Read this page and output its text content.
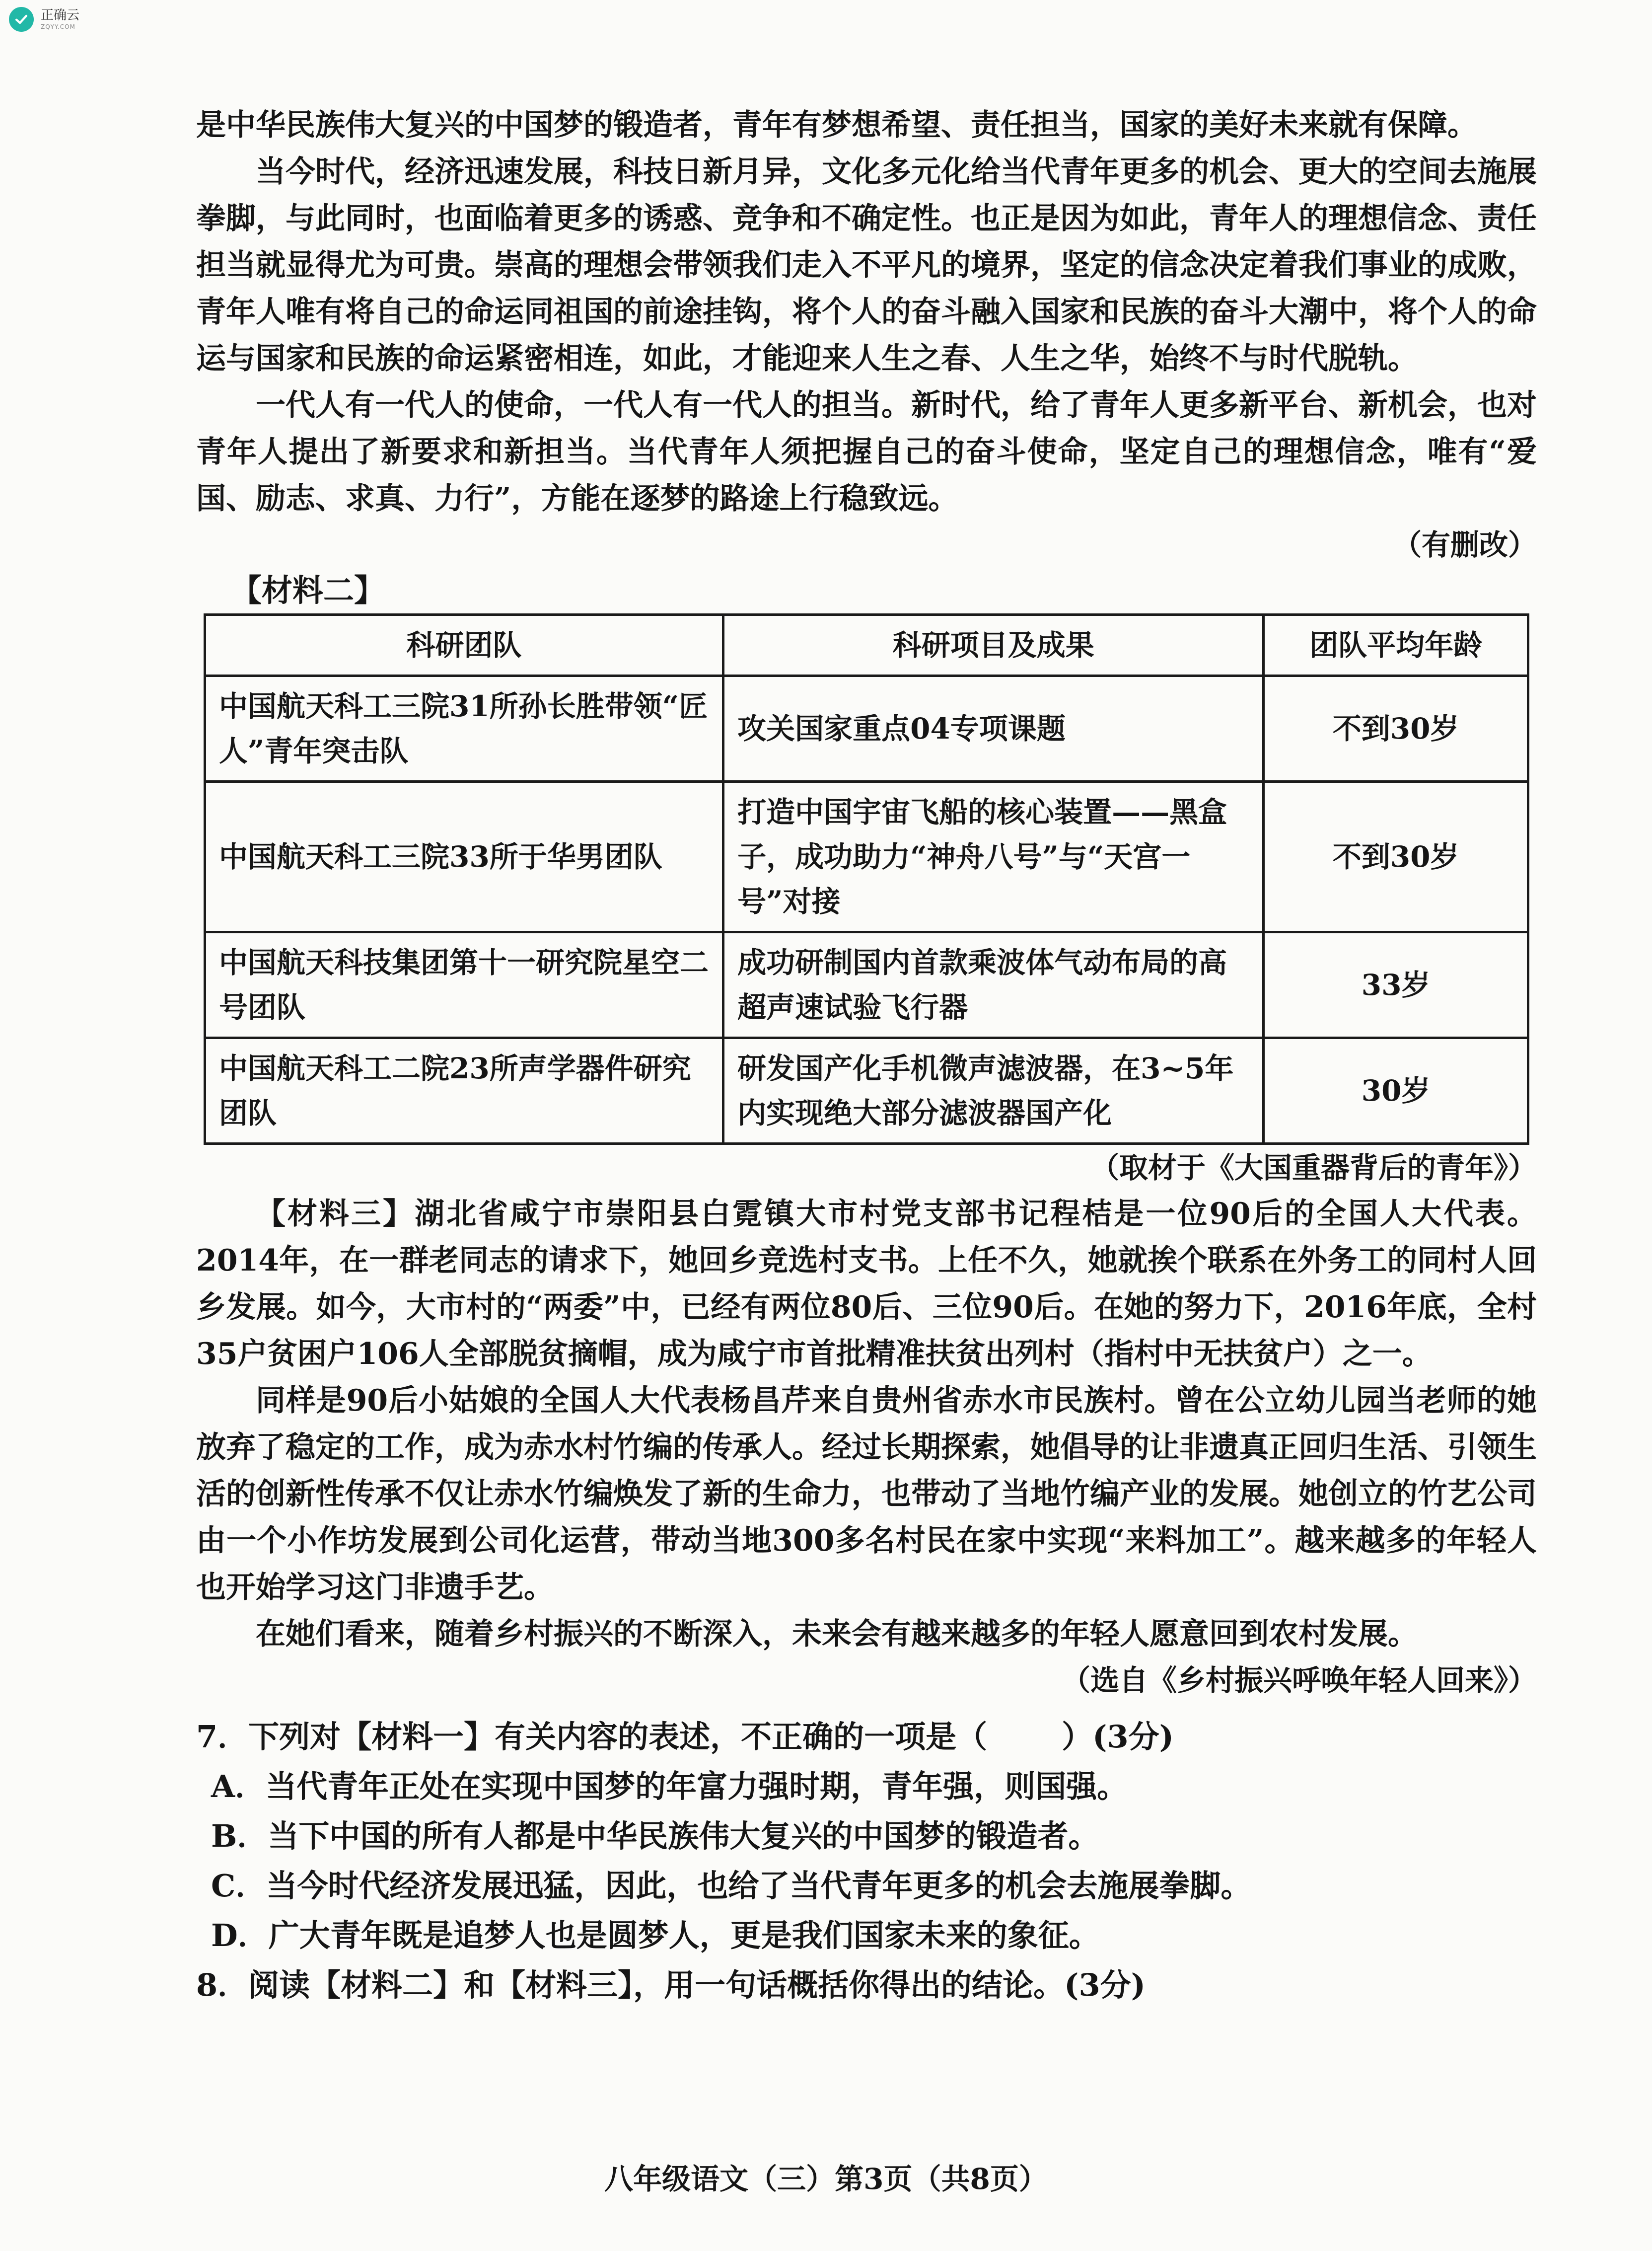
正确云
ZQYY.COM

是中华民族伟大复兴的中国梦的锻造者，青年有梦想希望、责任担当，国家的美好未来就有保障。

当今时代，经济迅速发展，科技日新月异，文化多元化给当代青年更多的机会、更大的空间去施展拳脚，与此同时，也面临着更多的诱惑、竞争和不确定性。也正是因为如此，青年人的理想信念、责任担当就显得尤为可贵。崇高的理想会带领我们走入不平凡的境界，坚定的信念决定着我们事业的成败，青年人唯有将自己的命运同祖国的前途挂钩，将个人的奋斗融入国家和民族的奋斗大潮中，将个人的命运与国家和民族的命运紧密相连，如此，才能迎来人生之春、人生之华，始终不与时代脱轨。

一代人有一代人的使命，一代人有一代人的担当。新时代，给了青年人更多新平台、新机会，也对青年人提出了新要求和新担当。当代青年人须把握自己的奋斗使命，坚定自己的理想信念，唯有“爱国、励志、求真、力行”，方能在逐梦的路途上行稳致远。

（有删改）

【材料二】
科研团队	科研项目及成果	团队平均年龄
中国航天科工三院31所孙长胜带领“匠人”青年突击队	攻关国家重点04专项课题	不到30岁
中国航天科工三院33所于华男团队	打造中国宇宙飞船的核心装置——黑盒子，成功助力“神舟八号”与“天宫一号”对接	不到30岁
中国航天科技集团第十一研究院星空二号团队	成功研制国内首款乘波体气动布局的高超声速试验飞行器	33岁
中国航天科工二院23所声学器件研究团队	研发国产化手机微声滤波器，在3~5年内实现绝大部分滤波器国产化	30岁

（取材于《大国重器背后的青年》）

【材料三】湖北省咸宁市崇阳县白霓镇大市村党支部书记程桔是一位90后的全国人大代表。2014年，在一群老同志的请求下，她回乡竞选村支书。上任不久，她就挨个联系在外务工的同村人回乡发展。如今，大市村的“两委”中，已经有两位80后、三位90后。在她的努力下，2016年底，全村35户贫困户106人全部脱贫摘帽，成为咸宁市首批精准扶贫出列村（指村中无扶贫户）之一。

同样是90后小姑娘的全国人大代表杨昌芹来自贵州省赤水市民族村。曾在公立幼儿园当老师的她放弃了稳定的工作，成为赤水村竹编的传承人。经过长期探索，她倡导的让非遗真正回归生活、引领生活的创新性传承不仅让赤水竹编焕发了新的生命力，也带动了当地竹编产业的发展。她创立的竹艺公司由一个小作坊发展到公司化运营，带动当地300多名村民在家中实现“来料加工”。越来越多的年轻人也开始学习这门非遗手艺。

在她们看来，随着乡村振兴的不断深入，未来会有越来越多的年轻人愿意回到农村发展。

（选自《乡村振兴呼唤年轻人回来》）

7．下列对【材料一】有关内容的表述，不正确的一项是（ ）(3分)

A．当代青年正处在实现中国梦的年富力强时期，青年强，则国强。

B．当下中国的所有人都是中华民族伟大复兴的中国梦的锻造者。

C．当今时代经济发展迅猛，因此，也给了当代青年更多的机会去施展拳脚。

D．广大青年既是追梦人也是圆梦人，更是我们国家未来的象征。

8．阅读【材料二】和【材料三】，用一句话概括你得出的结论。(3分)

八年级语文（三）第3页（共8页）
